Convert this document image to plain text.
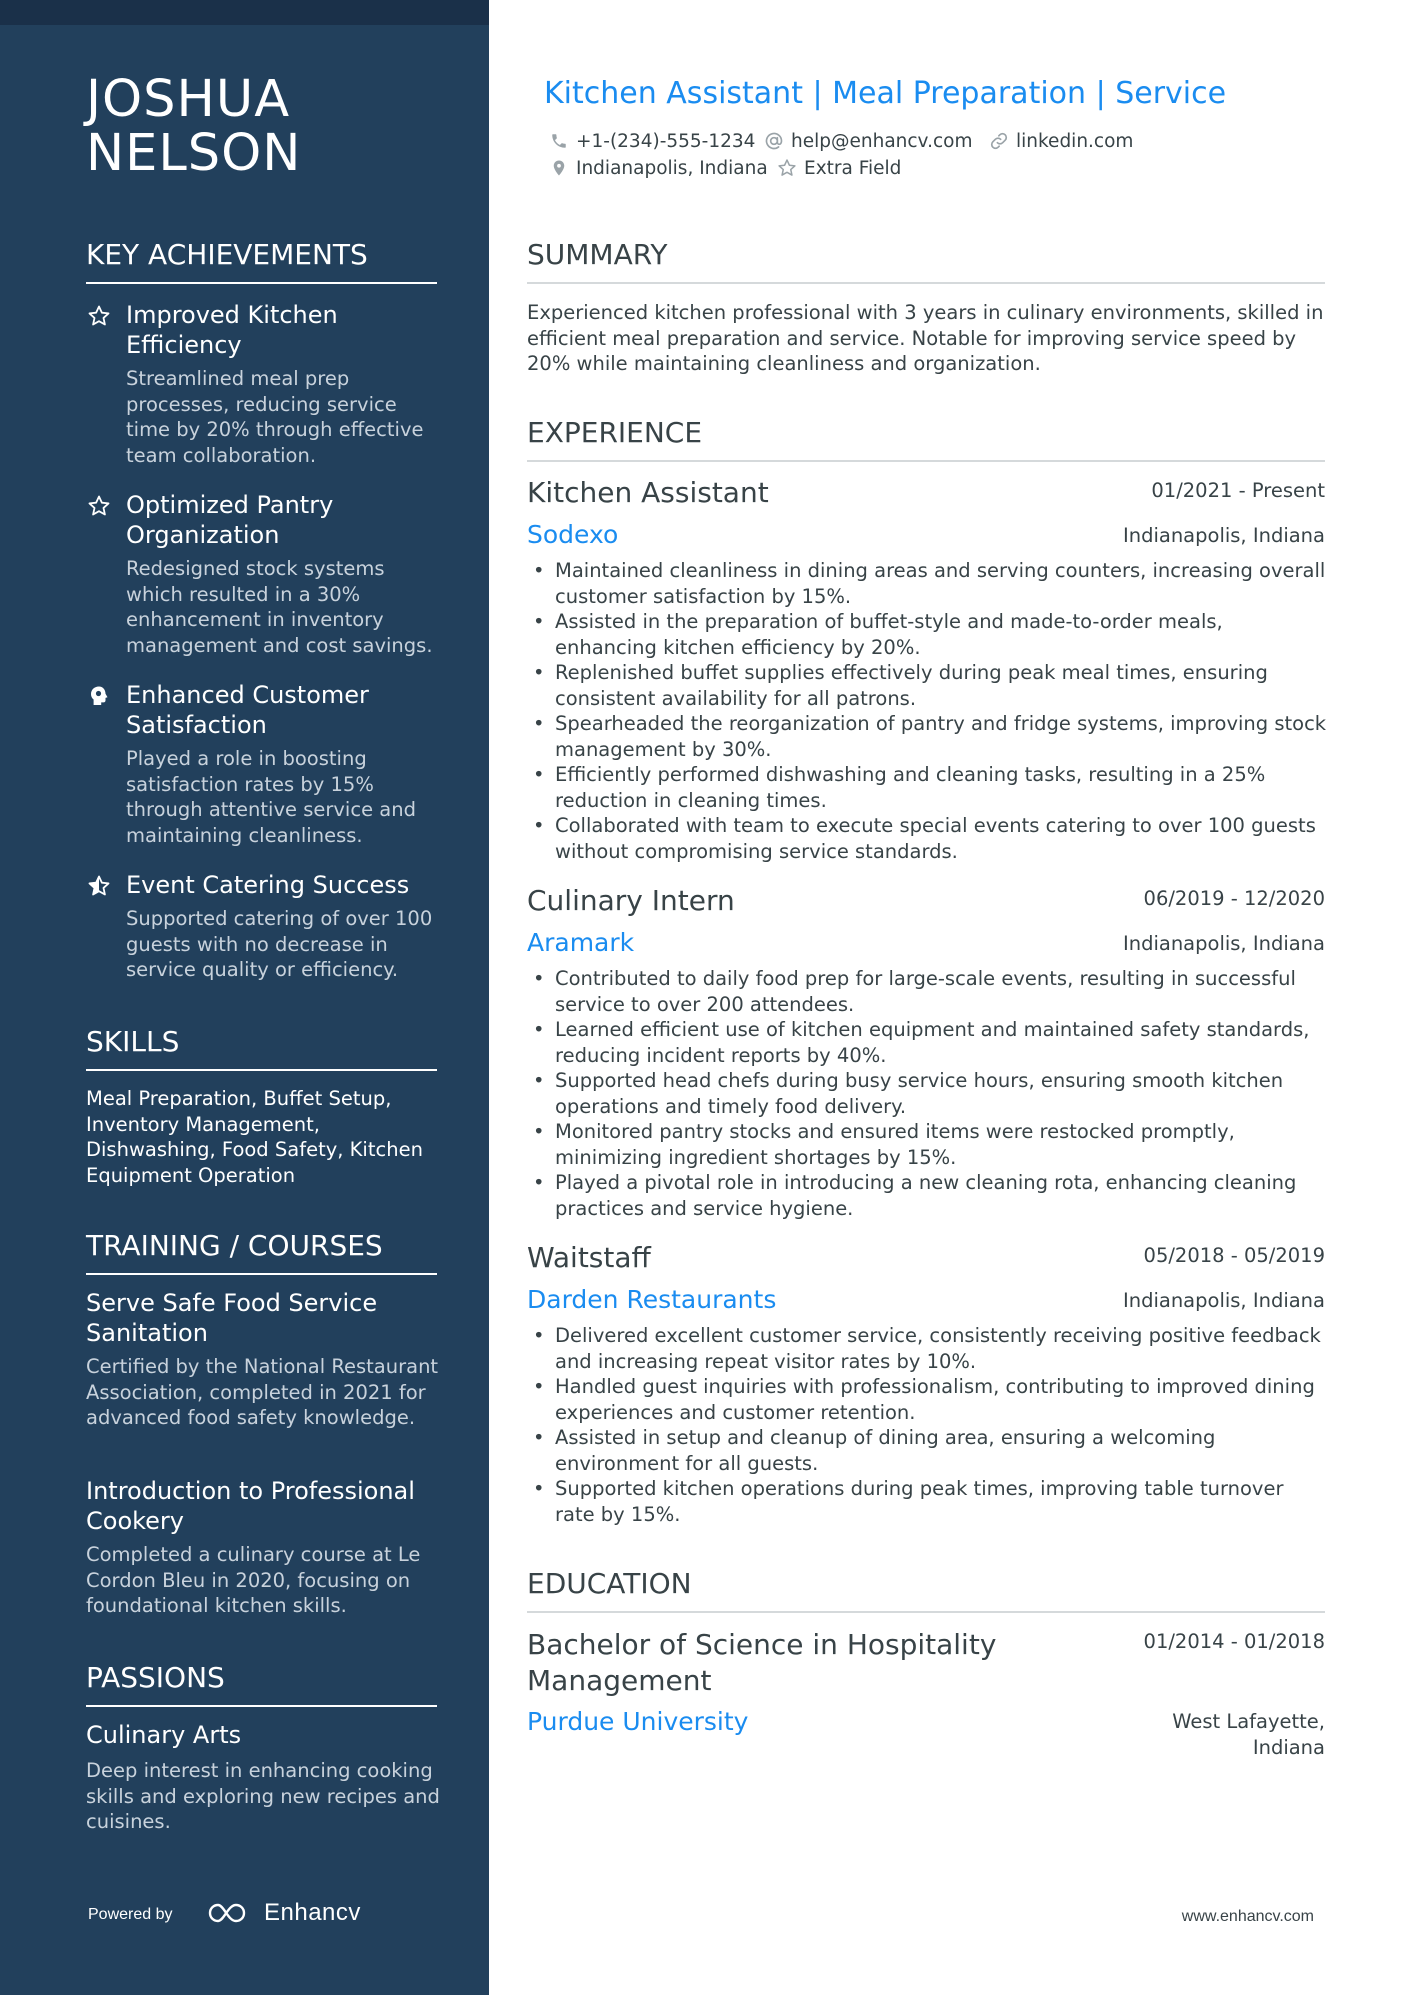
JOSHUA
NELSON
KEY ACHIEVEMENTS
Improved Kitchen Efficiency
Streamlined meal prep processes, reducing service time by 20% through effective team collaboration.
Optimized Pantry Organization
Redesigned stock systems which resulted in a 30% enhancement in inventory management and cost savings.
Enhanced Customer Satisfaction
Played a role in boosting satisfaction rates by 15% through attentive service and maintaining cleanliness.
Event Catering Success
Supported catering of over 100 guests with no decrease in service quality or efficiency.
SKILLS
Meal Preparation, Buffet Setup, Inventory Management, Dishwashing, Food Safety, Kitchen Equipment Operation
TRAINING / COURSES
Serve Safe Food Service Sanitation
Certified by the National Restaurant Association, completed in 2021 for advanced food safety knowledge.
Introduction to Professional Cookery
Completed a culinary course at Le Cordon Bleu in 2020, focusing on foundational kitchen skills.
PASSIONS
Culinary Arts
Deep interest in enhancing cooking skills and exploring new recipes and cuisines.
Powered by	Enhancv
Kitchen Assistant | Meal Preparation | Service
+1-(234)-555-1234 help@enhancv.com linkedin.com
Indianapolis, Indiana Extra Field
SUMMARY
Experienced kitchen professional with 3 years in culinary environments, skilled in efficient meal preparation and service. Notable for improving service speed by 20% while maintaining cleanliness and organization.
EXPERIENCE
Kitchen Assistant	01/2021 - Present
Sodexo	Indianapolis, Indiana
• Maintained cleanliness in dining areas and serving counters, increasing overall customer satisfaction by 15%.
• Assisted in the preparation of buffet-style and made-to-order meals, enhancing kitchen efficiency by 20%.
• Replenished buffet supplies effectively during peak meal times, ensuring consistent availability for all patrons.
• Spearheaded the reorganization of pantry and fridge systems, improving stock management by 30%.
• Efficiently performed dishwashing and cleaning tasks, resulting in a 25% reduction in cleaning times.
• Collaborated with team to execute special events catering to over 100 guests without compromising service standards.
Culinary Intern	06/2019 - 12/2020
Aramark	Indianapolis, Indiana
• Contributed to daily food prep for large-scale events, resulting in successful service to over 200 attendees.
• Learned efficient use of kitchen equipment and maintained safety standards, reducing incident reports by 40%.
• Supported head chefs during busy service hours, ensuring smooth kitchen operations and timely food delivery.
• Monitored pantry stocks and ensured items were restocked promptly, minimizing ingredient shortages by 15%.
• Played a pivotal role in introducing a new cleaning rota, enhancing cleaning practices and service hygiene.
Waitstaff	05/2018 - 05/2019
Darden Restaurants	Indianapolis, Indiana
• Delivered excellent customer service, consistently receiving positive feedback and increasing repeat visitor rates by 10%.
• Handled guest inquiries with professionalism, contributing to improved dining experiences and customer retention.
• Assisted in setup and cleanup of dining area, ensuring a welcoming environment for all guests.
• Supported kitchen operations during peak times, improving table turnover rate by 15%.
EDUCATION
Bachelor of Science in Hospitality Management
01/2014 - 01/2018
Purdue University	West Lafayette, Indiana
www.enhancv.com
